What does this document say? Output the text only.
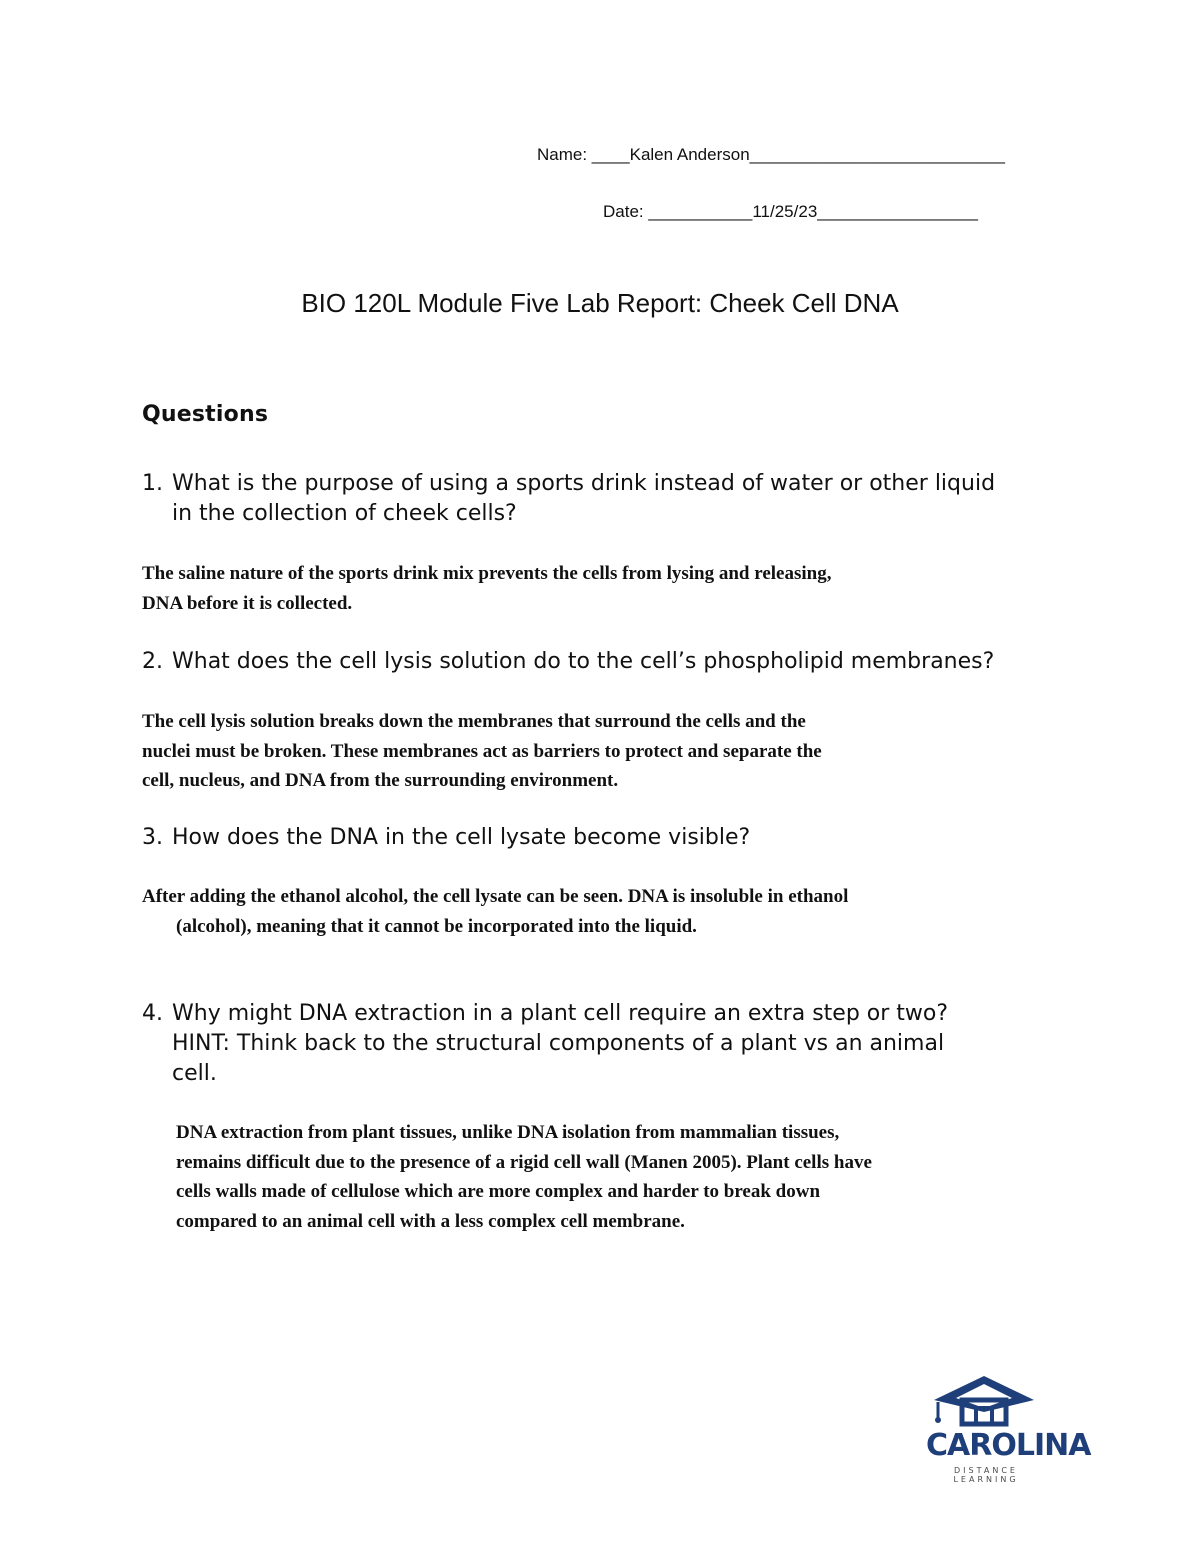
Name: ____Kalen Anderson___________________________
Date: ___________11/25/23_________________
BIO 120L Module Five Lab Report: Cheek Cell DNA
Questions
1. What is the purpose of using a sports drink instead of water or other liquid
in the collection of cheek cells?
The saline nature of the sports drink mix prevents the cells from lysing and releasing,
DNA before it is collected.
2. What does the cell lysis solution do to the cell’s phospholipid membranes?
The cell lysis solution breaks down the membranes that surround the cells and the
nuclei must be broken. These membranes act as barriers to protect and separate the
cell, nucleus, and DNA from the surrounding environment.
3. How does the DNA in the cell lysate become visible?
After adding the ethanol alcohol, the cell lysate can be seen. DNA is insoluble in ethanol
(alcohol), meaning that it cannot be incorporated into the liquid.
4. Why might DNA extraction in a plant cell require an extra step or two?
HINT: Think back to the structural components of a plant vs an animal
cell.
DNA extraction from plant tissues, unlike DNA isolation from mammalian tissues,
remains difficult due to the presence of a rigid cell wall (Manen 2005). Plant cells have
cells walls made of cellulose which are more complex and harder to break down
compared to an animal cell with a less complex cell membrane.
CAROLINA
DISTANCE LEARNING
